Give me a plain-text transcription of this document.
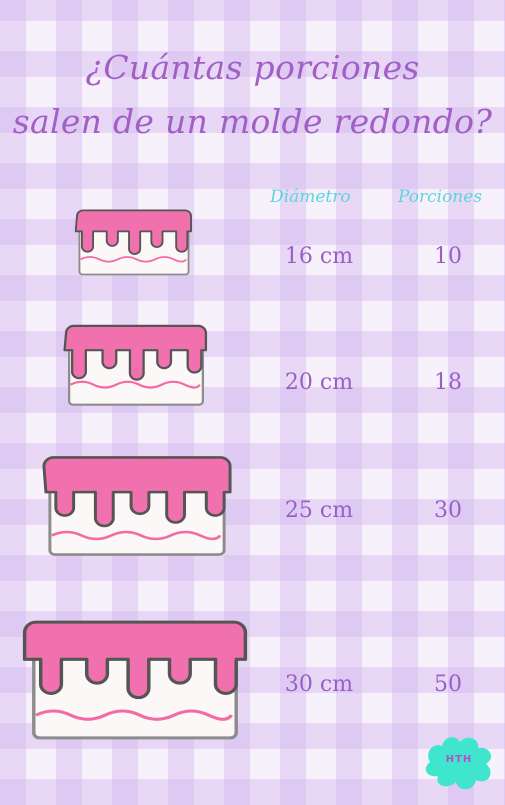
¿Cuántas porciones
salen de un molde redondo?
Diámetro	Porciones
16 cm	10
20 cm	18
25 cm	30
30 cm	50
HTH
